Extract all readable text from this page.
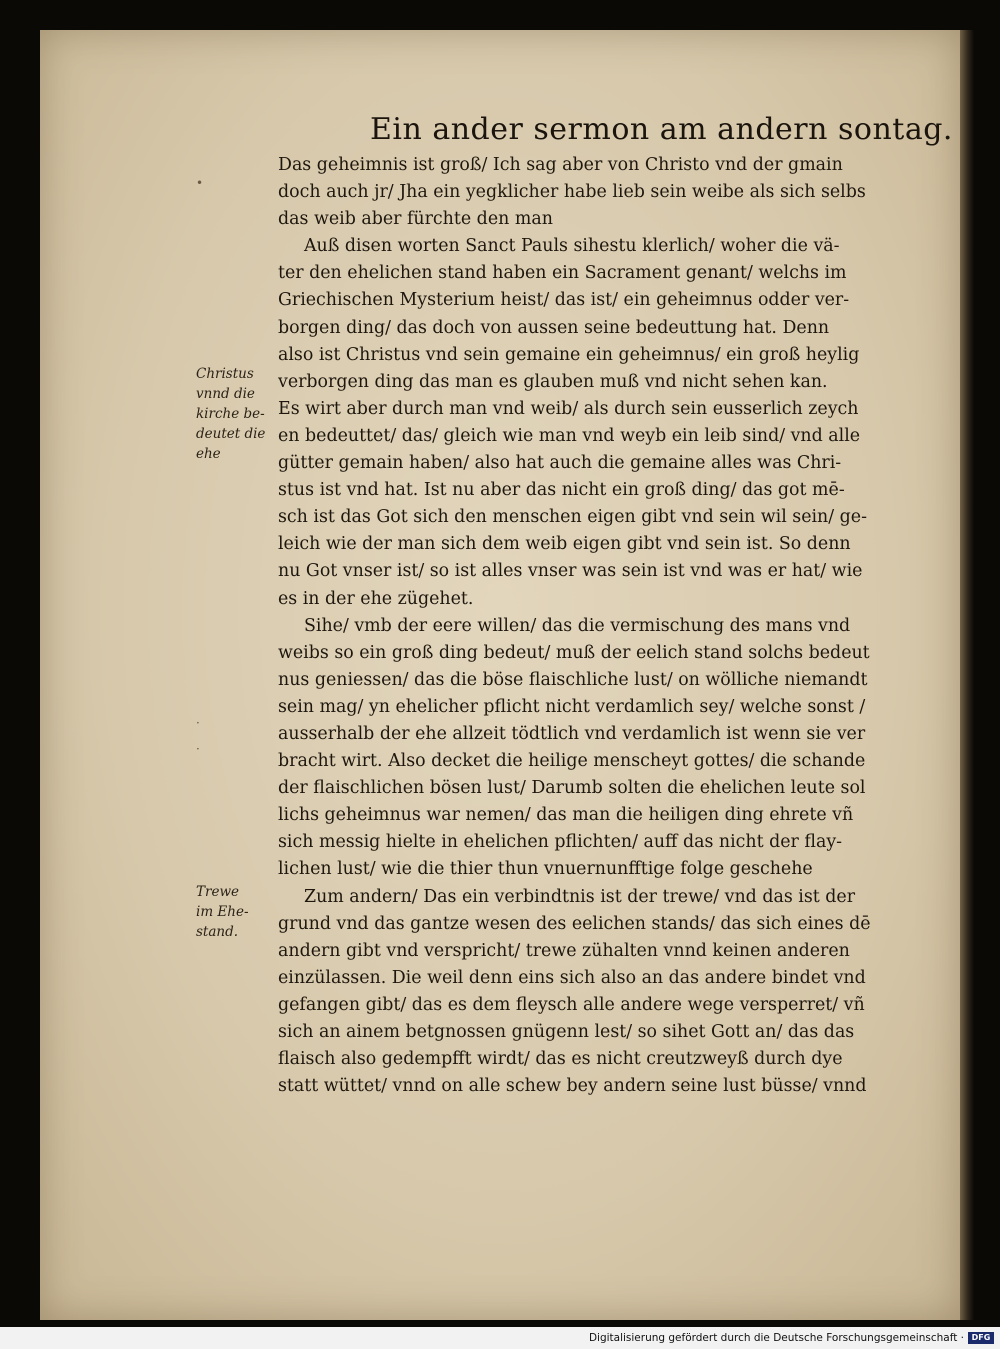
Ein ander sermon am andern sontag.
Das geheimnis ist groß/ Ich sag aber von Christo vnd der gmain
doch auch jr/ Jha ein yegklicher habe lieb sein weibe als sich selbs
das weib aber fürchte den man
Auß disen worten Sanct Pauls sihestu klerlich/ woher die vä-
ter den ehelichen stand haben ein Sacrament genant/ welchs im
Griechischen Mysterium heist/ das ist/ ein geheimnus odder ver-
borgen ding/ das doch von aussen seine bedeuttung hat. Denn
also ist Christus vnd sein gemaine ein geheimnus/ ein groß heylig
verborgen ding das man es glauben muß vnd nicht sehen kan.
Es wirt aber durch man vnd weib/ als durch sein eusserlich zeych
en bedeuttet/ das/ gleich wie man vnd weyb ein leib sind/ vnd alle
gütter gemain haben/ also hat auch die gemaine alles was Chri-
stus ist vnd hat. Ist nu aber das nicht ein groß ding/ das got mē-
sch ist das Got sich den menschen eigen gibt vnd sein wil sein/ ge-
leich wie der man sich dem weib eigen gibt vnd sein ist. So denn
nu Got vnser ist/ so ist alles vnser was sein ist vnd was er hat/ wie
es in der ehe zügehet.
Sihe/ vmb der eere willen/ das die vermischung des mans vnd
weibs so ein groß ding bedeut/ muß der eelich stand solchs bedeut
nus geniessen/ das die böse flaischliche lust/ on wölliche niemandt
sein mag/ yn ehelicher pflicht nicht verdamlich sey/ welche sonst /
ausserhalb der ehe allzeit tödtlich vnd verdamlich ist wenn sie ver
bracht wirt. Also decket die heilige menscheyt gottes/ die schande
der flaischlichen bösen lust/ Darumb solten die ehelichen leute sol
lichs geheimnus war nemen/ das man die heiligen ding ehrete vñ
sich messig hielte in ehelichen pflichten/ auff das nicht der flay-
lichen lust/ wie die thier thun vnuernunfftige folge geschehe
Zum andern/ Das ein verbindtnis ist der trewe/ vnd das ist der
grund vnd das gantze wesen des eelichen stands/ das sich eines dē
andern gibt vnd verspricht/ trewe zühalten vnnd keinen anderen
einzülassen. Die weil denn eins sich also an das andere bindet vnd
gefangen gibt/ das es dem fleysch alle andere wege versperret/ vñ
sich an ainem betgnossen gnügenn lest/ so sihet Gott an/ das das
flaisch also gedempfft wirdt/ das es nicht creutzweyß durch dye
statt wüttet/ vnnd on alle schew bey andern seine lust büsse/ vnnd
Christus
vnnd die
kirche be-
deutet die
ehe
Trewe
im Ehe-
stand.
•
·
·
Digitalisierung gefördert durch die Deutsche Forschungsgemeinschaft · DFG
